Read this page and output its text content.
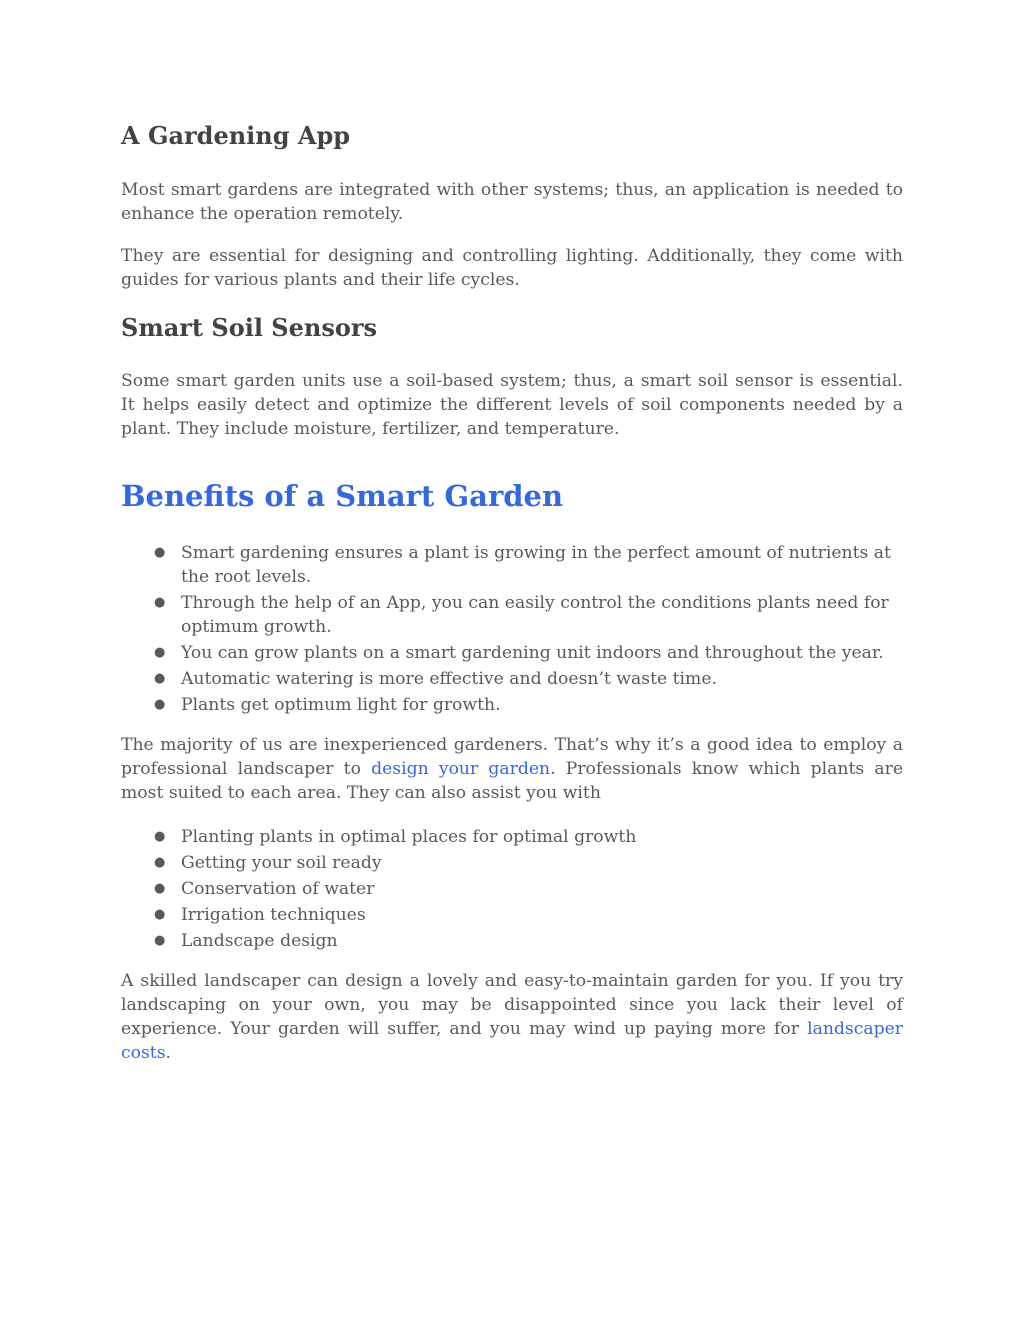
A Gardening App

Most smart gardens are integrated with other systems; thus, an application is needed to enhance the operation remotely.

They are essential for designing and controlling lighting. Additionally, they come with guides for various plants and their life cycles.

Smart Soil Sensors

Some smart garden units use a soil-based system; thus, a smart soil sensor is essential. It helps easily detect and optimize the different levels of soil components needed by a plant. They include moisture, fertilizer, and temperature.

Benefits of a Smart Garden
● Smart gardening ensures a plant is growing in the perfect amount of nutrients at the root levels.
● Through the help of an App, you can easily control the conditions plants need for optimum growth.
● You can grow plants on a smart gardening unit indoors and throughout the year.
● Automatic watering is more effective and doesn’t waste time.
● Plants get optimum light for growth.

The majority of us are inexperienced gardeners. That’s why it’s a good idea to employ a professional landscaper to design your garden. Professionals know which plants are most suited to each area. They can also assist you with

● Planting plants in optimal places for optimal growth
● Getting your soil ready
● Conservation of water
● Irrigation techniques
● Landscape design

A skilled landscaper can design a lovely and easy-to-maintain garden for you. If you try landscaping on your own, you may be disappointed since you lack their level of experience. Your garden will suffer, and you may wind up paying more for landscaper costs.
